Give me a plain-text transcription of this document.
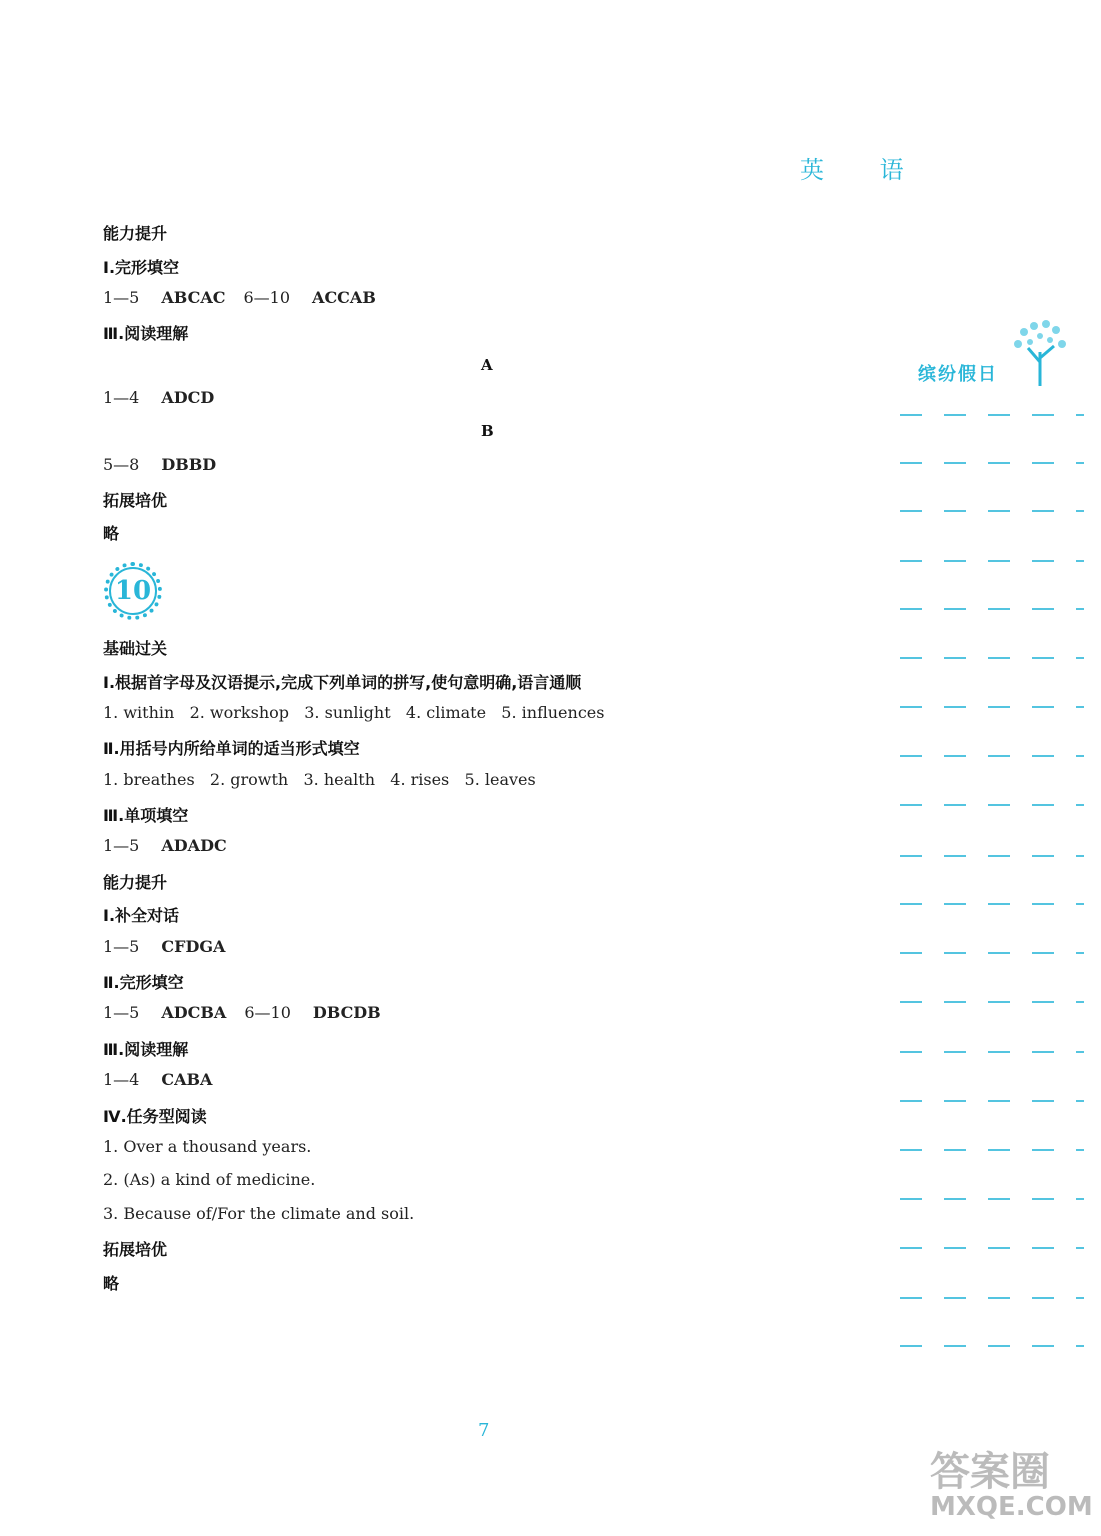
英 语
缤纷假日
能力提升
Ⅰ.完形填空
1—5 ABCAC 6—10 ACCAB
Ⅲ.阅读理解
A
1—4 ADCD
B
5—8 DBBD
拓展培优
略
10
基础过关
Ⅰ.根据首字母及汉语提示,完成下列单词的拼写,使句意明确,语言通顺
1. within   2. workshop   3. sunlight   4. climate   5. influences
Ⅱ.用括号内所给单词的适当形式填空
1. breathes   2. growth   3. health   4. rises   5. leaves
Ⅲ.单项填空
1—5 ADADC
能力提升
Ⅰ.补全对话
1—5 CFDGA
Ⅱ.完形填空
1—5 ADCBA 6—10 DBCDB
Ⅲ.阅读理解
1—4 CABA
Ⅳ.任务型阅读
1. Over a thousand years.
2. (As) a kind of medicine.
3. Because of/For the climate and soil.
拓展培优
略
7
答案圈
MXQE.COM
